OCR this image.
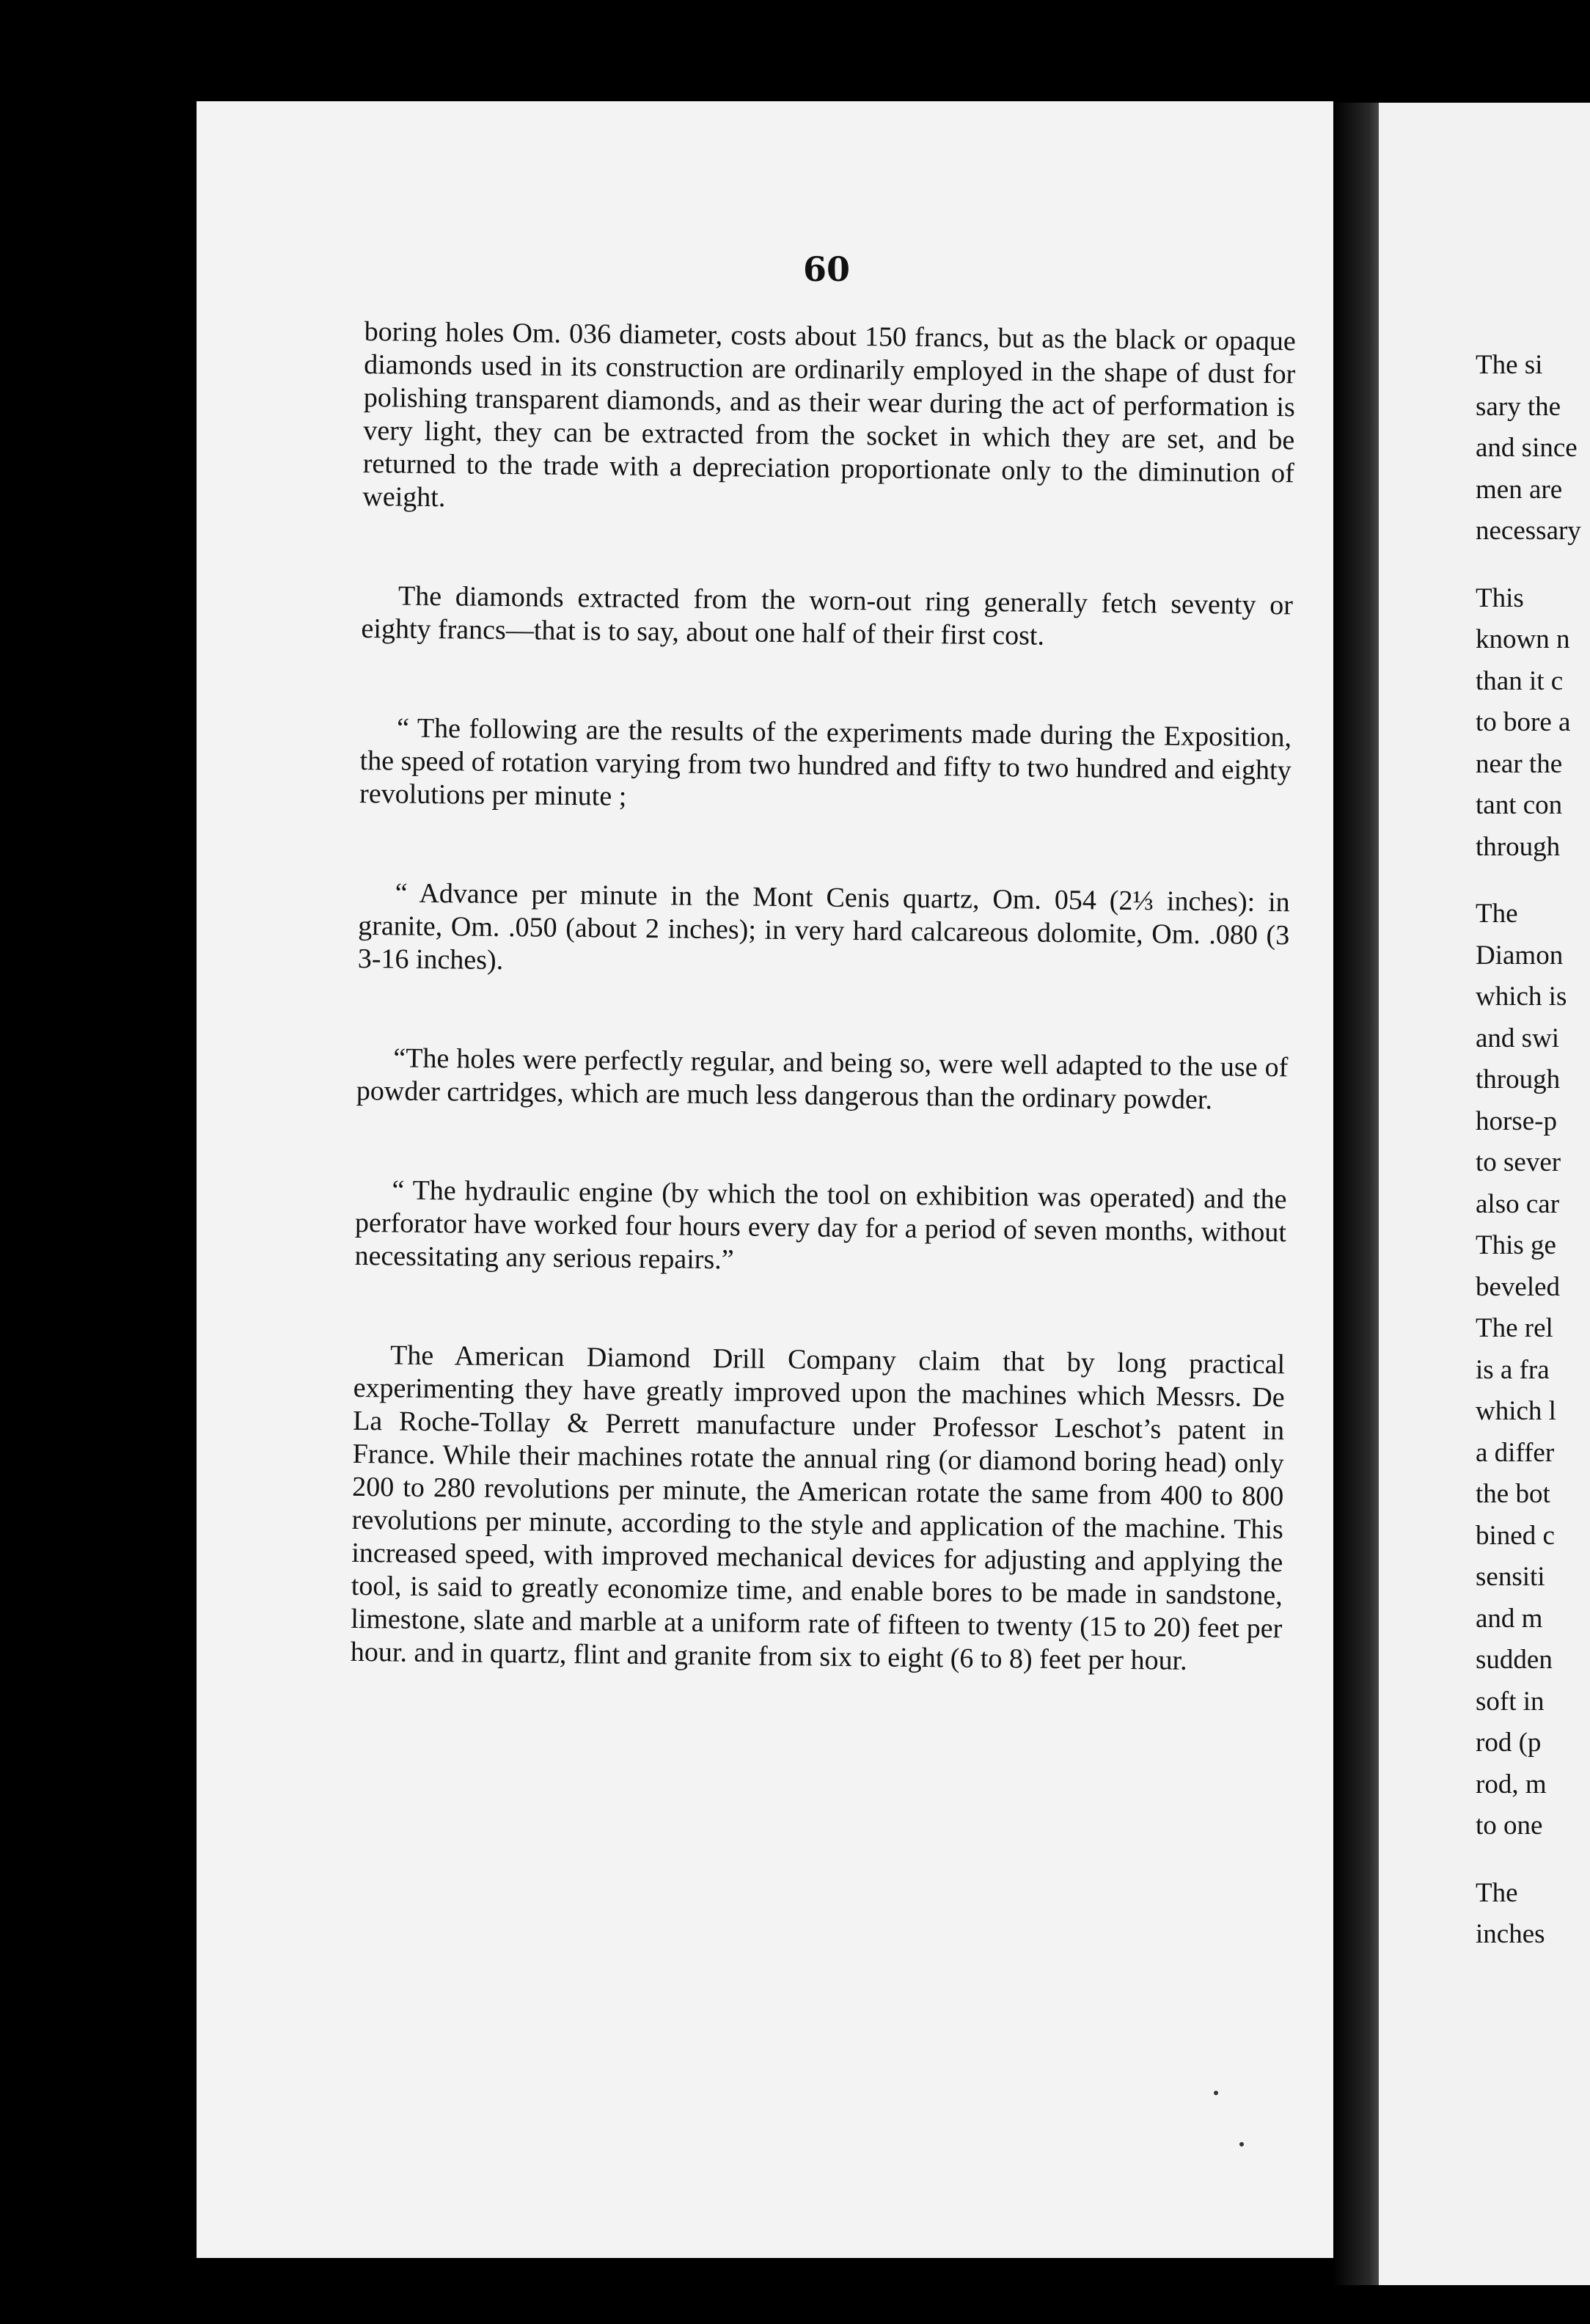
60

boring holes Om. 036 diameter, costs about 150 francs, but as the black or opaque diamonds used in its construction are ordinarily employed in the shape of dust for polishing transparent diamonds, and as their wear during the act of performation is very light, they can be extracted from the socket in which they are set, and be returned to the trade with a depreciation proportionate only to the diminution of weight.

The diamonds extracted from the worn-out ring generally fetch seventy or eighty francs—that is to say, about one half of their first cost.

“ The following are the results of the experiments made during the Exposition, the speed of rotation varying from two hundred and fifty to two hundred and eighty revolutions per minute ;

“ Advance per minute in the Mont Cenis quartz, Om. 054 (2⅓ inches): in granite, Om. .050 (about 2 inches); in very hard calcareous dolomite, Om. .080 (3 3-16 inches).

“The holes were perfectly regular, and being so, were well adapted to the use of powder cartridges, which are much less dangerous than the ordinary powder.

“ The hydraulic engine (by which the tool on exhibition was operated) and the perforator have worked four hours every day for a period of seven months, without necessitating any serious repairs.”

The American Diamond Drill Company claim that by long practical experimenting they have greatly improved upon the machines which Messrs. De La Roche-Tollay & Perrett manufacture under Professor Leschot’s patent in France. While their machines rotate the annual ring (or diamond boring head) only 200 to 280 revolutions per minute, the American rotate the same from 400 to 800 revolutions per minute, according to the style and application of the machine. This increased speed, with improved mechanical devices for adjusting and applying the tool, is said to greatly economize time, and enable bores to be made in sandstone, limestone, slate and marble at a uniform rate of fifteen to twenty (15 to 20) feet per hour. and in quartz, flint and granite from six to eight (6 to 8) feet per hour.

The si
sary the
and since
men are
necessary
This
known n
than it c
to bore a
near the
tant con
through
The
Diamon
which is
and swi
through
horse-p
to sever
also car
This ge
beveled
The rel
is a fra
which l
a differ
the bot
bined c
sensiti
and m
sudden
soft in
rod (p
rod, m
to one
The
inches
